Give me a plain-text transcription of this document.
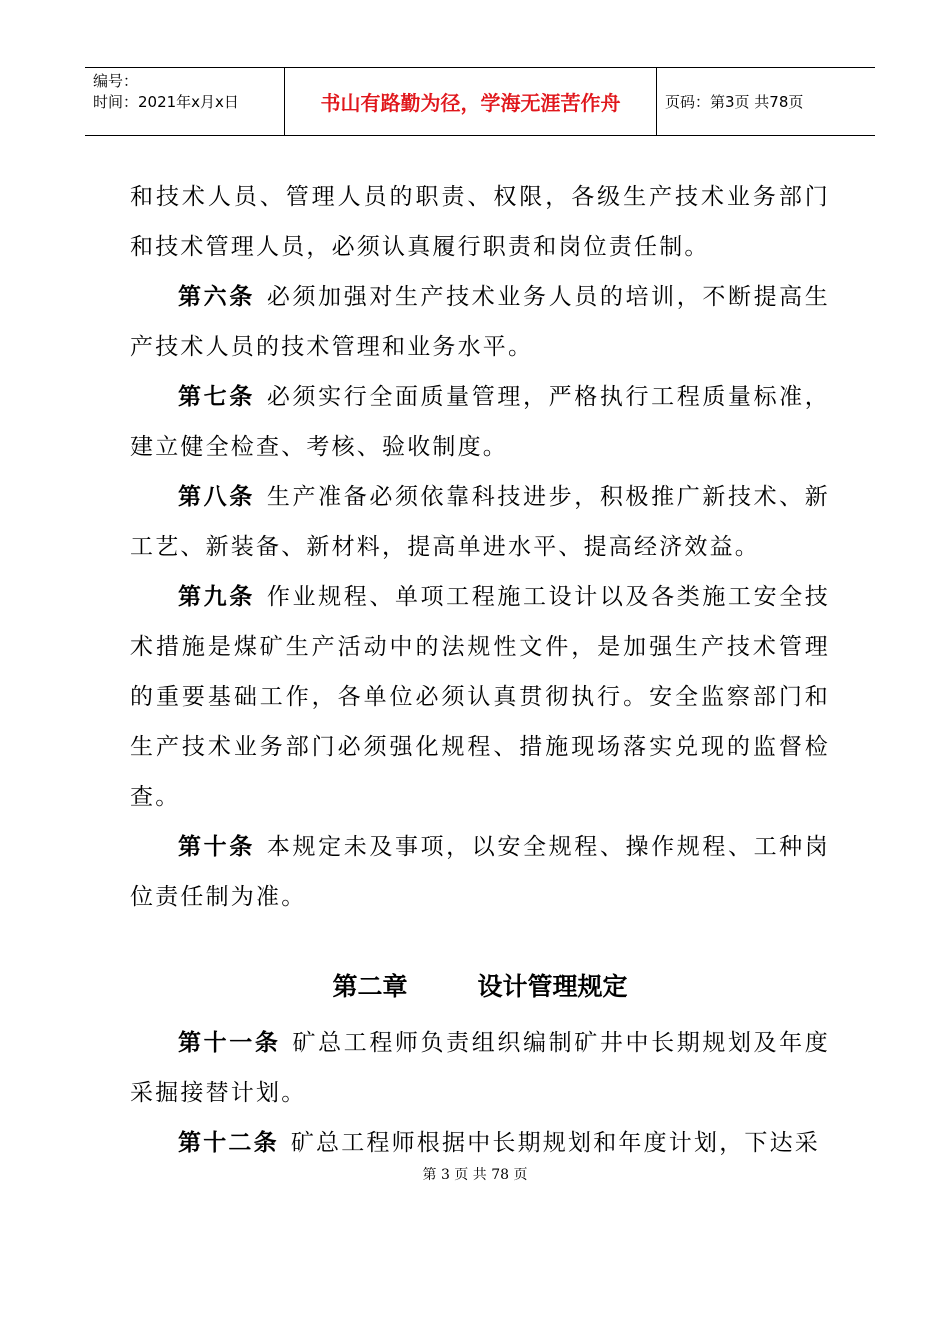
编号：
时间：2021年x月x日	书山有路勤为径，学海无涯苦作舟	页码：第3页 共78页

和技术人员、管理人员的职责、权限，各级生产技术业务部门和技术管理人员，必须认真履行职责和岗位责任制。

第六条 必须加强对生产技术业务人员的培训，不断提高生产技术人员的技术管理和业务水平。

第七条 必须实行全面质量管理，严格执行工程质量标准，建立健全检查、考核、验收制度。

第八条 生产准备必须依靠科技进步，积极推广新技术、新工艺、新装备、新材料，提高单进水平、提高经济效益。

第九条 作业规程、单项工程施工设计以及各类施工安全技术措施是煤矿生产活动中的法规性文件，是加强生产技术管理的重要基础工作，各单位必须认真贯彻执行。安全监察部门和生产技术业务部门必须强化规程、措施现场落实兑现的监督检查。

第十条 本规定未及事项，以安全规程、操作规程、工种岗位责任制为准。

第二章	设计管理规定

第十一条 矿总工程师负责组织编制矿井中长期规划及年度采掘接替计划。

第十二条 矿总工程师根据中长期规划和年度计划，下达采

第 3 页 共 78 页
